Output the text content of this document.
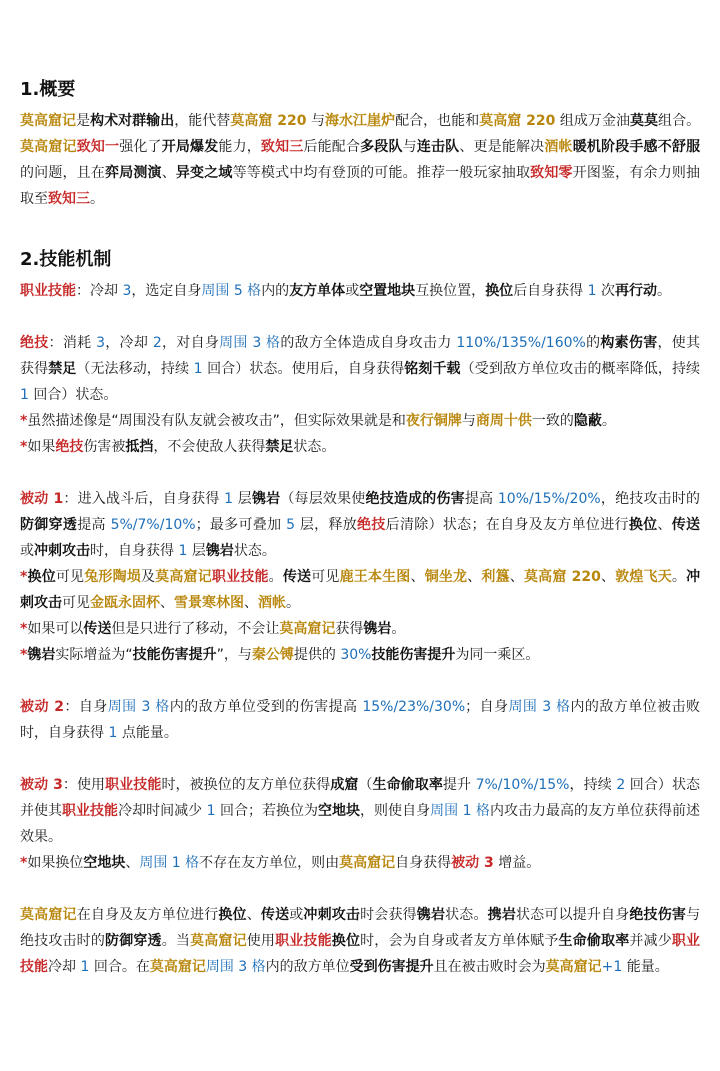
1.概要

莫高窟记是构术对群输出，能代替莫高窟 220 与海水江崖炉配合，也能和莫高窟 220 组成万金油莫莫组合。莫高窟记致知一强化了开局爆发能力，致知三后能配合多段队与连击队、更是能解决酒帐暖机阶段手感不舒服的问题，且在弈局测演、异变之域等等模式中均有登顶的可能。推荐一般玩家抽取致知零开图鉴，有余力则抽取至致知三。

2.技能机制

职业技能：冷却 3，选定自身周围 5 格内的友方单体或空置地块互换位置，换位后自身获得 1 次再行动。

绝技：消耗 3，冷却 2，对自身周围 3 格的敌方全体造成自身攻击力 110%/135%/160%的构素伤害，使其获得禁足（无法移动，持续 1 回合）状态。使用后，自身获得铭刻千载（受到敌方单位攻击的概率降低，持续 1 回合）状态。

*虽然描述像是“周围没有队友就会被攻击”，但实际效果就是和夜行铜牌与商周十供一致的隐蔽。

*如果绝技伤害被抵挡，不会使敌人获得禁足状态。

被动 1：进入战斗后，自身获得 1 层镌岩（每层效果使绝技造成的伤害提高 10%/15%/20%，绝技攻击时的防御穿透提高 5%/7%/10%；最多可叠加 5 层，释放绝技后清除）状态；在自身及友方单位进行换位、传送或冲刺攻击时，自身获得 1 层镌岩状态。

*换位可见兔形陶埙及莫高窟记职业技能。传送可见鹿王本生图、铜坐龙、利簋、莫高窟 220、敦煌飞天。冲刺攻击可见金瓯永固杯、雪景寒林图、酒帐。

*如果可以传送但是只进行了移动，不会让莫高窟记获得镌岩。

*镌岩实际增益为“技能伤害提升”，与秦公镈提供的 30%技能伤害提升为同一乘区。

被动 2：自身周围 3 格内的敌方单位受到的伤害提高 15%/23%/30%；自身周围 3 格内的敌方单位被击败时，自身获得 1 点能量。

被动 3：使用职业技能时，被换位的友方单位获得成窟（生命偷取率提升 7%/10%/15%，持续 2 回合）状态并使其职业技能冷却时间减少 1 回合；若换位为空地块，则使自身周围 1 格内攻击力最高的友方单位获得前述效果。

*如果换位空地块、周围 1 格不存在友方单位，则由莫高窟记自身获得被动 3 增益。

莫高窟记在自身及友方单位进行换位、传送或冲刺攻击时会获得镌岩状态。携岩状态可以提升自身绝技伤害与绝技攻击时的防御穿透。当莫高窟记使用职业技能换位时，会为自身或者友方单体赋予生命偷取率并减少职业技能冷却 1 回合。在莫高窟记周围 3 格内的敌方单位受到伤害提升且在被击败时会为莫高窟记+1 能量。
